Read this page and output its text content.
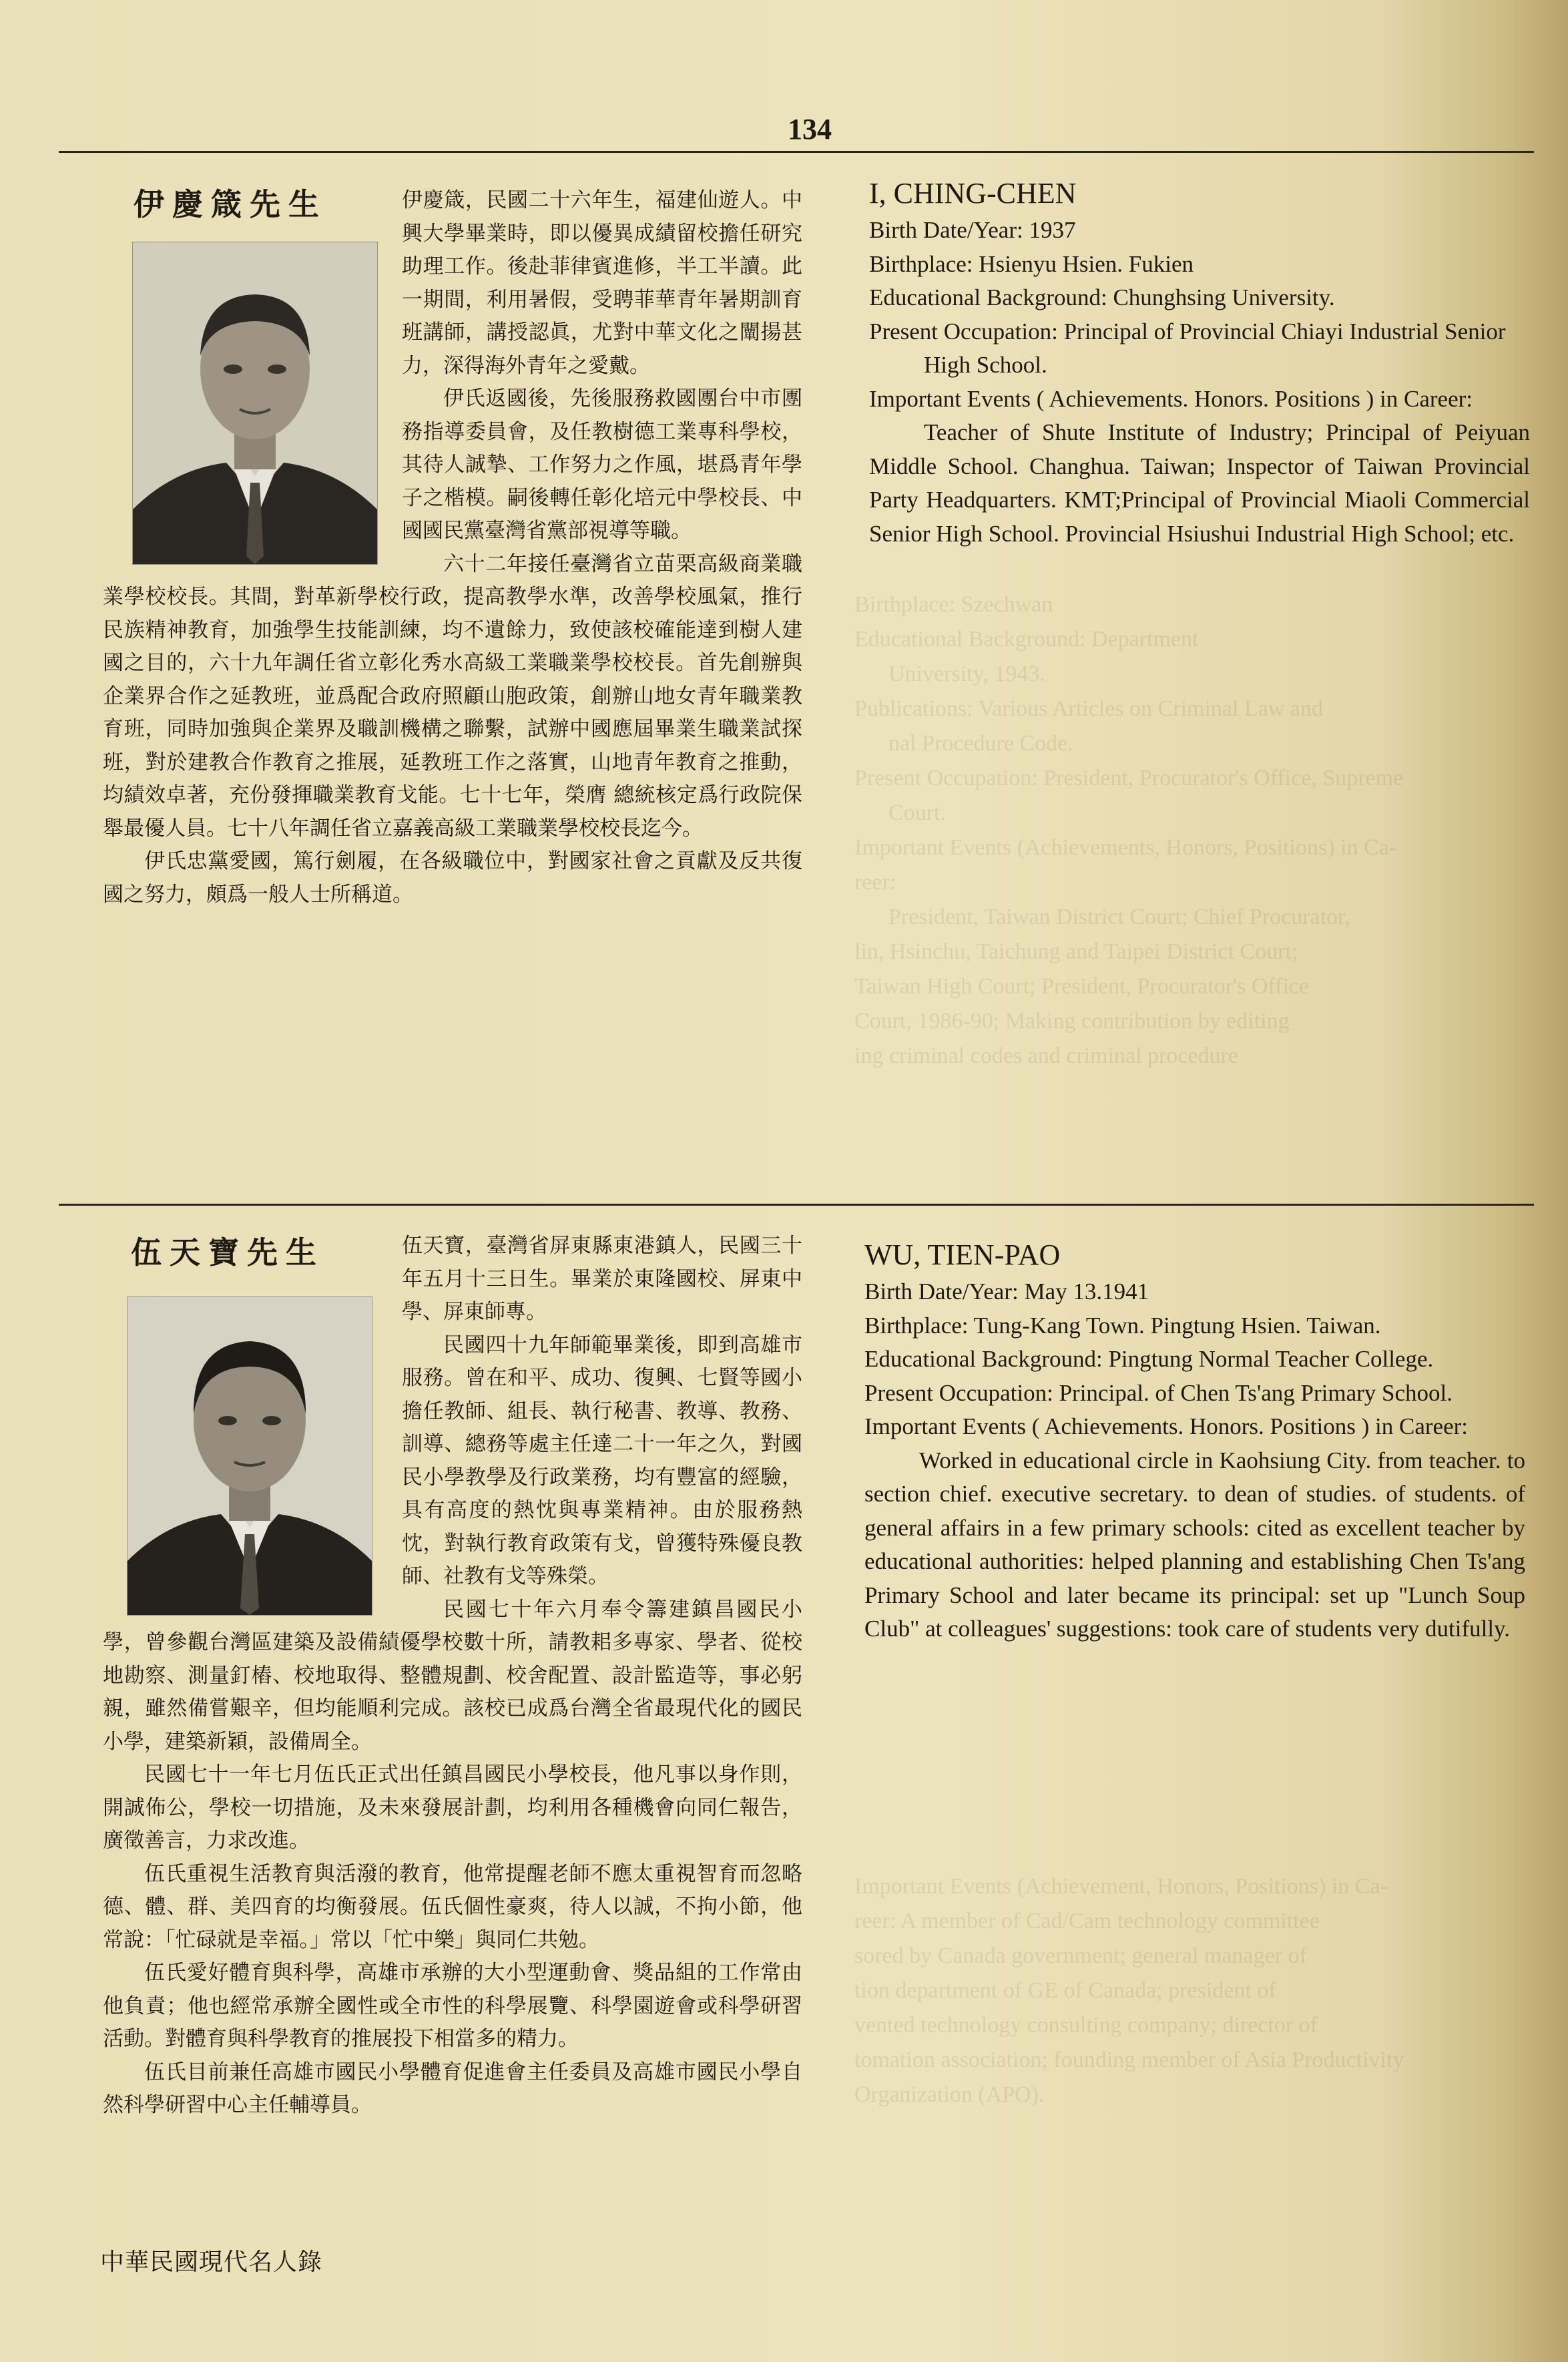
Birthplace: Szechwan
Educational Background: Department
University, 1943.
Publications: Various Articles on Criminal Law and
nal Procedure Code.
Present Occupation: President, Procurator's Office, Supreme
Court.
Important Events (Achievements, Honors, Positions) in Ca-
reer:
President, Taiwan District Court; Chief Procurator,
lin, Hsinchu, Taichung and Taipei District Court;
Taiwan High Court; President, Procurator's Office
Court, 1986-90; Making contribution by editing
ing criminal codes and criminal procedure
Important Events (Achievement, Honors, Positions) in Ca-
reer: A member of Cad/Cam technology committee
sored by Canada government; general manager of
tion department of GE of Canada; president of
vented technology consulting company; director of
tomation association; founding member of Asia Productivity
Organization (APO).
134
伊慶箴先生	伊慶箴，民國二十六年生，福建仙遊人。中興大學畢業時，即以優異成績留校擔任研究助理工作。後赴菲律賓進修，半工半讀。此一期間，利用暑假，受聘菲華青年暑期訓育班講師，講授認眞，尤對中華文化之闡揚甚力，深得海外青年之愛戴。

伊氏返國後，先後服務救國團台中市團務指導委員會，及任教樹德工業專科學校，其待人誠摯、工作努力之作風，堪爲青年學子之楷模。嗣後轉任彰化培元中學校長、中國國民黨臺灣省黨部視導等職。

六十二年接任臺灣省立苗栗高級商業職業學校校長。其間，對革新學校行政，提高教學水準，改善學校風氣，推行民族精神教育，加強學生技能訓練，均不遺餘力，致使該校確能達到樹人建國之目的，六十九年調任省立彰化秀水高級工業職業學校校長。首先創辦與企業界合作之延教班，並爲配合政府照顧山胞政策，創辦山地女青年職業教育班，同時加強與企業界及職訓機構之聯繫，試辦中國應屆畢業生職業試探班，對於建教合作教育之推展，延教班工作之落實，山地青年教育之推動，均績效卓著，充份發揮職業教育戈能。七十七年，榮膺 總統核定爲行政院保舉最優人員。七十八年調任省立嘉義高級工業職業學校校長迄今。

伊氏忠黨愛國，篤行劍履，在各級職位中，對國家社會之貢獻及反共復國之努力，頗爲一般人士所稱道。

I, CHING-CHEN

Birth Date/Year: 1937

Birthplace: Hsienyu Hsien. Fukien

Educational Background: Chunghsing University.

Present Occupation: Principal of Provincial Chiayi Industrial Senior High School.

Important Events ( Achievements. Honors. Positions ) in Career:

Teacher of Shute Institute of Industry; Principal of Peiyuan Middle School. Changhua. Taiwan; Inspector of Taiwan Provincial Party Headquarters. KMT;Principal of Provincial Miaoli Commercial Senior High School. Provincial Hsiushui Industrial High School; etc.

伍天寶先生	伍天寶，臺灣省屏東縣東港鎮人，民國三十年五月十三日生。畢業於東隆國校、屏東中學、屏東師專。

民國四十九年師範畢業後，即到高雄市服務。曾在和平、成功、復興、七賢等國小擔任教師、組長、執行秘書、教導、教務、訓導、總務等處主任達二十一年之久，對國民小學教學及行政業務，均有豐富的經驗，具有高度的熱忱與專業精神。由於服務熱忱，對執行教育政策有戈，曾獲特殊優良教師、社教有戈等殊榮。

民國七十年六月奉令籌建鎮昌國民小學，曾參觀台灣區建築及設備績優學校數十所，請教耜多專家、學者、從校地勘察、測量釘樁、校地取得、整體規劃、校舍配置、設計監造等，事必躬親，雖然備嘗艱辛，但均能順利完成。該校已成爲台灣全省最現代化的國民小學，建築新穎，設備周全。

民國七十一年七月伍氏正式出任鎮昌國民小學校長，他凡事以身作則，開誠佈公，學校一切措施，及未來發展計劃，均利用各種機會向同仁報告，廣徵善言，力求改進。

伍氏重視生活教育與活潑的教育，他常提醒老師不應太重視智育而忽略德、體、群、美四育的均衡發展。伍氏個性豪爽，待人以誠，不拘小節，他常說：「忙碌就是幸福。」常以「忙中樂」與同仁共勉。

伍氏愛好體育與科學，高雄市承辦的大小型運動會、獎品組的工作常由他負責；他也經常承辦全國性或全市性的科學展覽、科學園遊會或科學研習活動。對體育與科學教育的推展投下相當多的精力。

伍氏目前兼任高雄市國民小學體育促進會主任委員及高雄市國民小學自然科學研習中心主任輔導員。

WU, TIEN-PAO

Birth Date/Year: May 13.1941

Birthplace: Tung-Kang Town. Pingtung Hsien. Taiwan.

Educational Background: Pingtung Normal Teacher College.

Present Occupation: Principal. of Chen Ts'ang Primary School.

Important Events ( Achievements. Honors. Positions ) in Career:

Worked in educational circle in Kaohsiung City. from teacher. to section chief. executive secretary. to dean of studies. of students. of general affairs in a few primary schools: cited as excellent teacher by educational authorities: helped planning and establishing Chen Ts'ang Primary School and later became its principal: set up "Lunch Soup Club" at colleagues' suggestions: took care of students very dutifully.

中華民國現代名人錄
